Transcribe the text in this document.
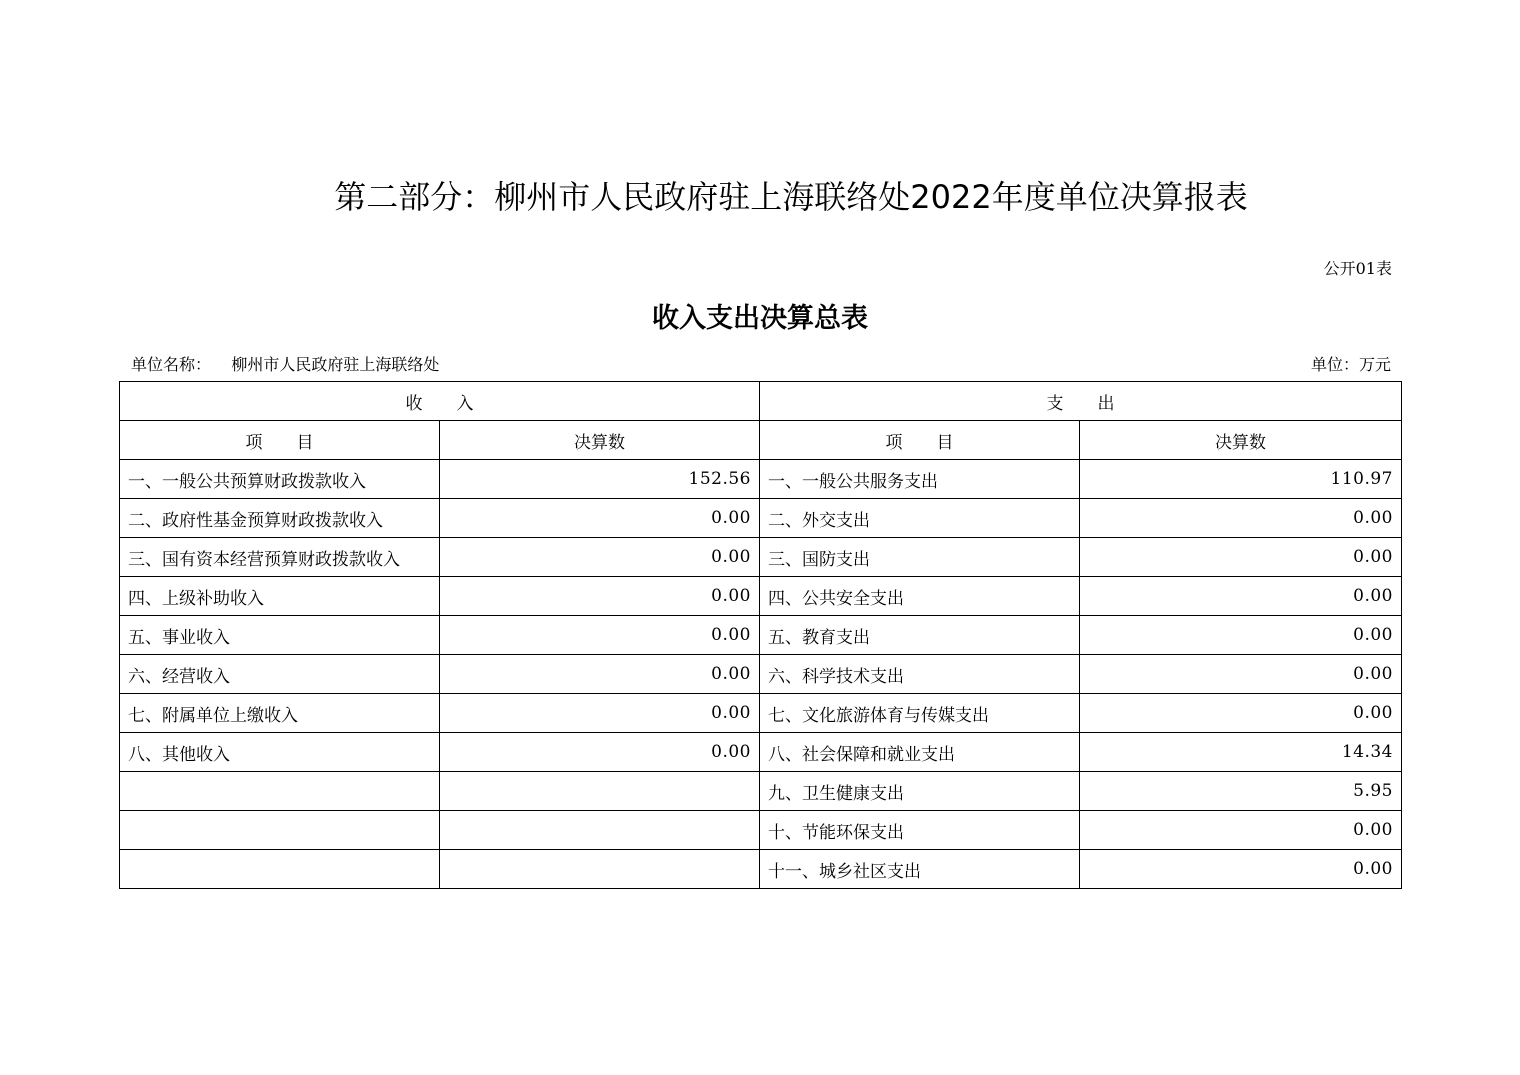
第二部分：柳州市人民政府驻上海联络处2022年度单位决算报表
公开01表
收入支出决算总表
单位名称：    柳州市人民政府驻上海联络处	单位：万元
收　　入		支　　出	
项　　目	决算数	项　　目	决算数
一、一般公共预算财政拨款收入	152.56	一、一般公共服务支出	110.97
二、政府性基金预算财政拨款收入	0.00	二、外交支出	0.00
三、国有资本经营预算财政拨款收入	0.00	三、国防支出	0.00
四、上级补助收入	0.00	四、公共安全支出	0.00
五、事业收入	0.00	五、教育支出	0.00
六、经营收入	0.00	六、科学技术支出	0.00
七、附属单位上缴收入	0.00	七、文化旅游体育与传媒支出	0.00
八、其他收入	0.00	八、社会保障和就业支出	14.34
		九、卫生健康支出	5.95
		十、节能环保支出	0.00
		十一、城乡社区支出	0.00
